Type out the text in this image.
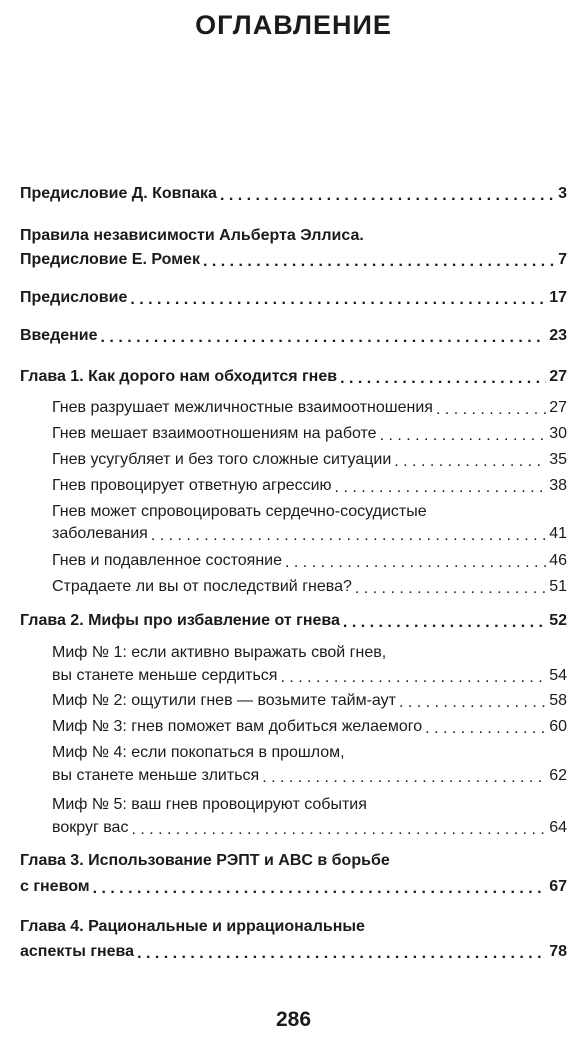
ОГЛАВЛЕНИЕ
Предисловие Д. Ковпака . . .	3
Правила независимости Альберта Эллиса.
Предисловие Е. Ромек . . .	7
Предисловие . . .	17
Введение . . .	23
Глава 1. Как дорого нам обходится гнев . . .	27
Гнев разрушает межличностные взаимоотношения . . .	27
Гнев мешает взаимоотношениям на работе . . .	30
Гнев усугубляет и без того сложные ситуации . . .	35
Гнев провоцирует ответную агрессию . . .	38
Гнев может спровоцировать сердечно-сосудистые
заболевания . . .	41
Гнев и подавленное состояние . . .	46
Страдаете ли вы от последствий гнева? . . .	51
Глава 2. Мифы про избавление от гнева . . .	52
Миф № 1: если активно выражать свой гнев,
вы станете меньше сердиться . . .	54
Миф № 2: ощутили гнев — возьмите тайм-аут . . .	58
Миф № 3: гнев поможет вам добиться желаемого . . .	60
Миф № 4: если покопаться в прошлом,
вы станете меньше злиться . . .	62
Миф № 5: ваш гнев провоцируют события
вокруг вас . . .	64
Глава 3. Использование РЭПТ и ABC в борьбе
с гневом . . .	67
Глава 4. Рациональные и иррациональные
аспекты гнева . . .	78
286
